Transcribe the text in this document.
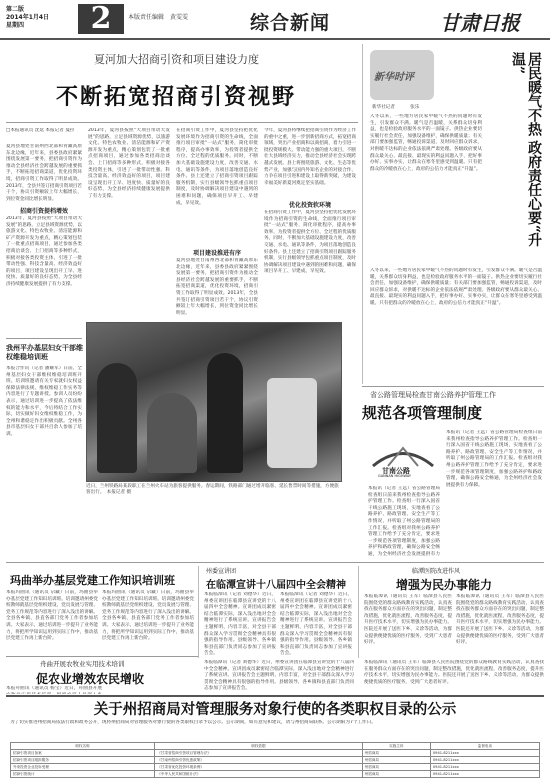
第二版
2014年1月4日
星期四	2	本版责任编辑　黄雯雯	综合新闻	甘肃日报
夏河加大招商引资和项目建设力度
不断拓宽招商引资视野
□本报通讯员 沈延 本报记者 曼拉
夏河县地处甘南州西北部和青藏高原东北边缘，近年来，县委县政府紧紧围绕发展第一要务，把招商引资作为推动全县经济社会跨越发展的重要抓手，不断拓宽招商渠道，优化投资环境，招商引资工作取得了明显成效。2013年，全县共签订招商引资项目若干个，协议引资额较上年大幅增长，到位资金同比增长明显。
招商引资提档增效
2013年，夏河县按照“大项目带动大发展”的思路，立足县域资源优势，以旅游文化、特色农牧业、清洁能源和矿产资源开发为重点，精心策划包装了一批重点招商项目，通过参加各类招商洽谈会、上门招商等多种形式，积极对接各类投资主体，引进了一批带动性强、科技含量高、经济效益好的项目，项目建设呈现出开工早、进度快、质量好的良好态势，为全县经济持续健康发展提供了有力支撑。
2013年，夏河县按照“大项目带动大发展”的思路，立足县域资源优势，以旅游文化、特色农牧业、清洁能源和矿产资源开发为重点，精心策划包装了一批重点招商项目，通过参加各类招商洽谈会、上门招商等多种形式，积极对接各类投资主体，引进了一批带动性强、科技含量高、经济效益好的项目，项目建设呈现出开工早、进度快、质量好的良好态势，为全县经济持续健康发展提供了有力支撑。
项目建设推进有序
在招商引资工作中，夏河县坚持把优化发展环境作为招商引资的生命线，全面推行项目审批“一站式”服务，简化审批程序，提高办事效率，为投资者提供全方位、全过程的优质服务。同时，不断加大基础设施建设力度，改善交通、水电、通讯等条件，为项目落地创造良好条件。县上还建立了招商引资项目跟踪服务机制，实行县级领导包抓重点项目制度，及时协调解决项目建设中遇到的困难和问题，确保项目早开工、早建成、早见效。
夏河县地处甘南州西北部和青藏高原东北边缘，近年来，县委县政府紧紧围绕发展第一要务，把招商引资作为推动全县经济社会跨越发展的重要抓手，不断拓宽招商渠道，优化投资环境，招商引资工作取得了明显成效。2013年，全县共签订招商引资项目若干个，协议引资额较上年大幅增长，到位资金同比增长明显。
今年，夏河县将继续把招商引资作为经济工作的重中之重，进一步创新招商方式，拓宽招商领域，突出产业招商和以商招商，着力引进一批投资规模大、带动能力强的重大项目，不断壮大县域经济实力，推动全县经济社会实现跨越式发展。县上将围绕旅游、文化、生态等优势产业，加强与国内外知名企业的对接合作，力争在项目引进和建设上取得新突破，为建设幸福美好新夏河奠定坚实基础。
优化投资软环境
在招商引资工作中，夏河县坚持把优化发展环境作为招商引资的生命线，全面推行项目审批“一站式”服务，简化审批程序，提高办事效率，为投资者提供全方位、全过程的优质服务。同时，不断加大基础设施建设力度，改善交通、水电、通讯等条件，为项目落地创造良好条件。县上还建立了招商引资项目跟踪服务机制，实行县级领导包抓重点项目制度，及时协调解决项目建设中遇到的困难和问题，确保项目早开工、早建成、早见效。
我州平办基层妇女干部维权维稳培训班
本报合作讯（记者 潘耀军）日前，全州基层妇女干部维权维稳培训班开班。培训班邀请有关专家就妇女权益保障法律法规、维权维稳工作实务等内容进行了专题讲授。参训人员纷纷表示，通过培训进一步提高了依法维权的能力和水平，今后将结合工作实际，切实做好妇女维权维稳工作，为全州和谐稳定作出积极贡献。全州各县市基层妇女干部共百余人参加了培训。
近日，兰州铁路局某段职工在兰州火车站为旅客提供服务。春运期间，铁路部门通过增开临客、延长售票时间等措施，方便旅客出行。　本报记者 摄
新华时评
新华社记者 　　　张乐	居民暖气不热 政府责任心要“升温”
入冬以来，一些地方居民家中暖气不热的问题时有发生，引发群众不满。暖气是否温暖，关系群众切身利益，也是检验政府服务水平的一面镜子。供热企业要切实履行社会责任，加强设备维护，确保供暖质量；有关部门要加强监管，畅通投诉渠道，及时回应群众诉求，对供暖不达标的企业依法依规严肃处理。各级政府要从群众最关心、最直接、最现实的利益问题入手，把好事办好、实事办实，让群众在寒冬里感受到温暖。只有把群众的冷暖放在心上，政府的公信力才能真正“升温”。
入冬以来，一些地方居民家中暖气不热的问题时有发生，引发群众不满。暖气是否温暖，关系群众切身利益，也是检验政府服务水平的一面镜子。供热企业要切实履行社会责任，加强设备维护，确保供暖质量；有关部门要加强监管，畅通投诉渠道，及时回应群众诉求，对供暖不达标的企业依法依规严肃处理。各级政府要从群众最关心、最直接、最现实的利益问题入手，把好事办好、实事办实，让群众在寒冬里感受到温暖。只有把群众的冷暖放在心上，政府的公信力才能真正“升温”。
省公路管理局检查甘南公路养护管理工作
规范各项管理制度
甘南公路
GANNAN HIGHWAY
本报讯（记者 王远）省公路管理局检查组日前来我州检查指导公路养护管理工作。检查组一行深入国省干线公路施工现场，实地查看了公路养护、路政管理、安全生产等工作情况，并听取了州公路管理局的工作汇报。检查组对我州公路养护管理工作给予了充分肯定，要求进一步规范各项管理制度，加强公路养护和路政管理，确保公路安全畅通，为全州经济社会发展提供有力
本报讯（记者 王远）省公路管理局检查组日前来我州检查指导公路养护管理工作。检查组一行深入国省干线公路施工现场，实地查看了公路养护、路政管理、安全生产等工作情况，并听取了州公路管理局的工作汇报。检查组对我州公路养护管理工作给予了充分肯定，要求进一步规范各项管理制度，加强公路养护和路政管理，确保公路安全畅通，为全州经济社会发展提供有力保障。
玛曲举办基层党建工作知识培训班
本报玛曲讯（通讯员 尕藏）日前，玛曲县举办基层党建工作知识培训班。培训邀请州委党校教师就基层党组织建设、党员发展与管理、党务工作规范等内容进行了深入浅出的讲解。全县各乡镇、县直各部门党务工作者参加培训。大家表示，通过培训进一步提升了业务能力，将把所学知识运用到实际工作中，推动基层党建工作再上新台阶。
本报玛曲讯（通讯员 尕藏）日前，玛曲县举办基层党建工作知识培训班。培训邀请州委党校教师就基层党组织建设、党员发展与管理、党务工作规范等内容进行了深入浅出的讲解。全县各乡镇、县直各部门党务工作者参加培训。大家表示，通过培训进一步提升了业务能力，将把所学知识运用到实际工作中，推动基层党建工作再上新台阶。
州委宣讲团
在临潭宣讲十八届四中全会精神
本报临潭讯（记者 刘德华）近日，州委宣讲团在临潭县宣讲党的十八届四中全会精神。宣讲团成员紧密结合临潭实际，深入浅出地对全会精神进行了系统宣讲。宣讲报告会主题鲜明、内容丰富，对全县干部群众深入学习贯彻全会精神具有很强的指导作用。县级领导、各乡镇和县直部门负责同志参加了宣讲报告会。
本报临潭讯（记者 刘德华）近日，州委宣讲团在临潭县宣讲党的十八届四中全会精神。宣讲团成员紧密结合临潭实际，深入浅出地对全会精神进行了系统宣讲。宣讲报告会主题鲜明、内容丰富，对全县干部群众深入学习贯彻全会精神具有很强的指导作用。县级领导、各乡镇和县直部门负责同志参加了宣讲报告会。
临潭医院改进作风
增强为民办事能力
本报临潭讯（通讯员 王军）临潭县人民医院围绕党的群众路线教育实践活动，认真查找在服务群众方面存在的突出问题，制定整改措施，优化就医流程，改善服务态度，提升医疗技术水平，切实增强为民办事能力。医院还开展了送医下乡、义诊等活动，为群众提供便捷优质的医疗服务，受到广大患者好评。
本报临潭讯（通讯员 王军）临潭县人民医院围绕党的群众路线教育实践活动，认真查找在服务群众方面存在的突出问题，制定整改措施，优化就医流程，改善服务态度，提升医疗技术水平，切实增强为民办事能力。医院还开展了送医下乡、义诊等活动，为群众提供便捷优质的医疗服务，受到广大患者好评。
舟曲开展农牧业实用技术培训
促农业增效农民增收
本报舟曲讯（通讯员 杨宝）近日，舟曲县开展
本报临潭讯（记者 刘德华）近日，州委宣讲团在临潭县宣讲党的十八届四中全会精神。宣讲团成员紧密结合临潭实际，深入浅出地对全会精神进行了系统宣讲。宣讲报告会主题鲜明、内容丰富，对全县干部群众深入学习贯彻全会精神具有很强的指导作用。县级领导、各乡镇和县直部门负责同志参加了宣讲报告会。
本报临潭讯（通讯员 王军）临潭县人民医院围绕党的群众路线教育实践活动，认真查找在服务群众方面存在的突出问题，制定整改措施，优化就医流程，改善服务态度，提升医疗技术水平，切实增强为民办事能力。医院还开展了送医下乡、义诊等活动，为群众提供便捷优质的医疗服务，受到广大患者好评。
关于州招商局对管理服务对象行使的各类职权目录的公示
为了切实推进州招商局依法行政和政务公开，现将州招商局对管理服务对象行使的各类职权目录予以公示。公示期间，如有意见和建议，请与州招商局联系。公示期限为7个工作日。
职权名称	职权依据	实施主体	监督电话
招商引资项目备案	《甘肃省招商引资项目管理办法》	州招商局	0941-8211xxx
招商引资项目跟踪服务	《甘南州招商引资优惠政策》	州招商局	0941-8211xxx
外来投资企业投诉受理	《甘肃省优化投资环境条例》	州招商局	0941-8211xxx
招商引资统计	《中华人民共和国统计法》	州招商局	0941-8211xxx
